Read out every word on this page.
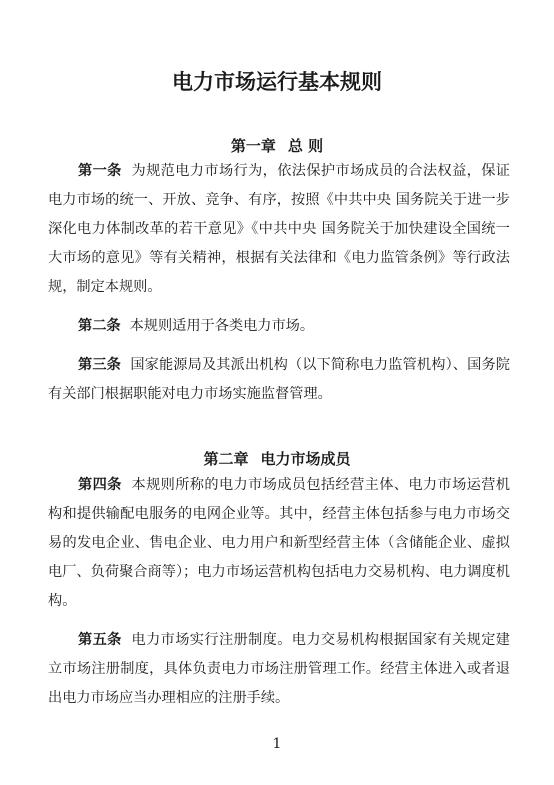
电力市场运行基本规则
第一章 总 则

第一条 为规范电力市场行为，依法保护市场成员的合法权益，保证电力市场的统一、开放、竞争、有序，按照《中共中央 国务院关于进一步深化电力体制改革的若干意见》《中共中央 国务院关于加快建设全国统一大市场的意见》等有关精神，根据有关法律和《电力监管条例》等行政法规，制定本规则。

第二条 本规则适用于各类电力市场。

第三条 国家能源局及其派出机构（以下简称电力监管机构）、国务院有关部门根据职能对电力市场实施监督管理。

第二章 电力市场成员

第四条 本规则所称的电力市场成员包括经营主体、电力市场运营机构和提供输配电服务的电网企业等。其中，经营主体包括参与电力市场交易的发电企业、售电企业、电力用户和新型经营主体（含储能企业、虚拟电厂、负荷聚合商等）；电力市场运营机构包括电力交易机构、电力调度机构。

第五条 电力市场实行注册制度。电力交易机构根据国家有关规定建立市场注册制度，具体负责电力市场注册管理工作。经营主体进入或者退出电力市场应当办理相应的注册手续。

1
